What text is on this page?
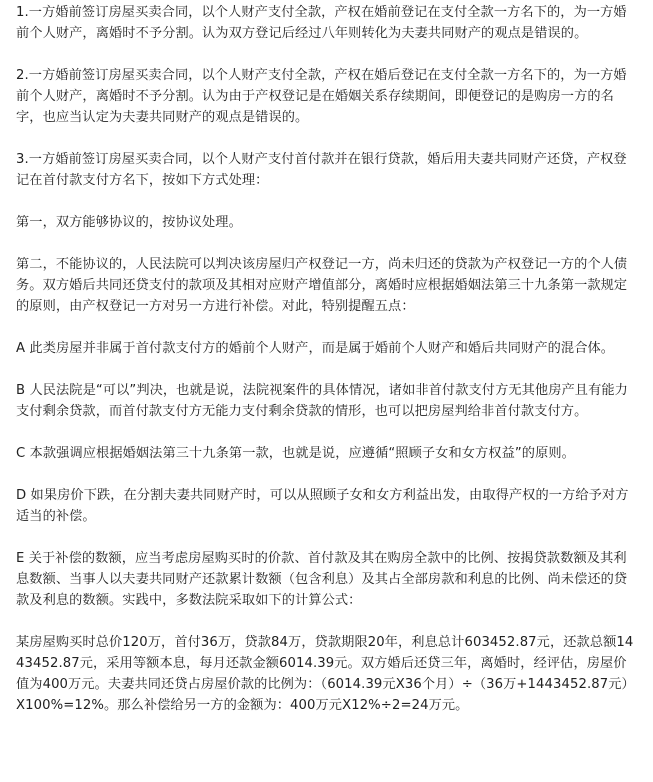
1.一方婚前签订房屋买卖合同，以个人财产支付全款，产权在婚前登记在支付全款一方名下的，为一方婚前个人财产，离婚时不予分割。认为双方登记后经过八年则转化为夫妻共同财产的观点是错误的。

2.一方婚前签订房屋买卖合同，以个人财产支付全款，产权在婚后登记在支付全款一方名下的，为一方婚前个人财产，离婚时不予分割。认为由于产权登记是在婚姻关系存续期间，即便登记的是购房一方的名字，也应当认定为夫妻共同财产的观点是错误的。

3.一方婚前签订房屋买卖合同，以个人财产支付首付款并在银行贷款，婚后用夫妻共同财产还贷，产权登记在首付款支付方名下，按如下方式处理：

第一，双方能够协议的，按协议处理。

第二，不能协议的，人民法院可以判决该房屋归产权登记一方，尚未归还的贷款为产权登记一方的个人债务。双方婚后共同还贷支付的款项及其相对应财产增值部分，离婚时应根据婚姻法第三十九条第一款规定的原则，由产权登记一方对另一方进行补偿。对此，特别提醒五点：

A 此类房屋并非属于首付款支付方的婚前个人财产，而是属于婚前个人财产和婚后共同财产的混合体。

B 人民法院是“可以”判决，也就是说，法院视案件的具体情况，诸如非首付款支付方无其他房产且有能力支付剩余贷款，而首付款支付方无能力支付剩余贷款的情形，也可以把房屋判给非首付款支付方。

C 本款强调应根据婚姻法第三十九条第一款，也就是说，应遵循“照顾子女和女方权益”的原则。

D 如果房价下跌，在分割夫妻共同财产时，可以从照顾子女和女方利益出发，由取得产权的一方给予对方适当的补偿。

E 关于补偿的数额，应当考虑房屋购买时的价款、首付款及其在购房全款中的比例、按揭贷款数额及其利息数额、当事人以夫妻共同财产还款累计数额（包含利息）及其占全部房款和利息的比例、尚未偿还的贷款及利息的数额。实践中，多数法院采取如下的计算公式：

某房屋购买时总价120万，首付36万，贷款84万，贷款期限20年，利息总计603452.87元，还款总额1443452.87元，采用等额本息，每月还款金额6014.39元。双方婚后还贷三年，离婚时，经评估，房屋价值为400万元。夫妻共同还贷占房屋价款的比例为：（6014.39元X36个月）÷（36万+1443452.87元）X100%=12%。那么补偿给另一方的金额为：400万元X12%÷2=24万元。
